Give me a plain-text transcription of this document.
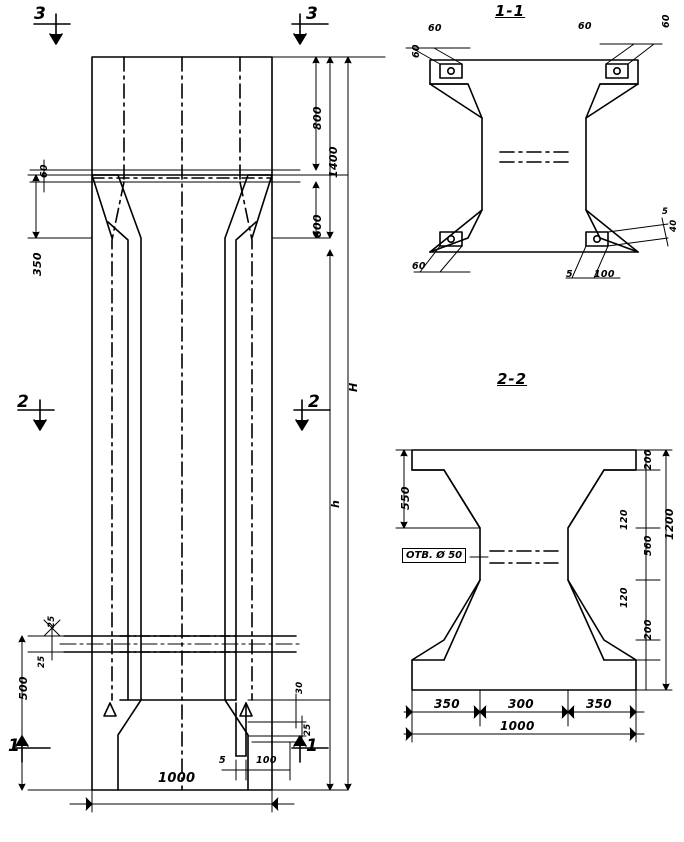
1-1
2-2
3	3
2	2
1	1
800
1400
600
H
h
60
350
25
25
500
1000
5	100
30
25
60
60
60	60
60
5 100
5
40
550
200
120
560
120
200
1200
350	300	350
1000
ОТВ. Ø 50
